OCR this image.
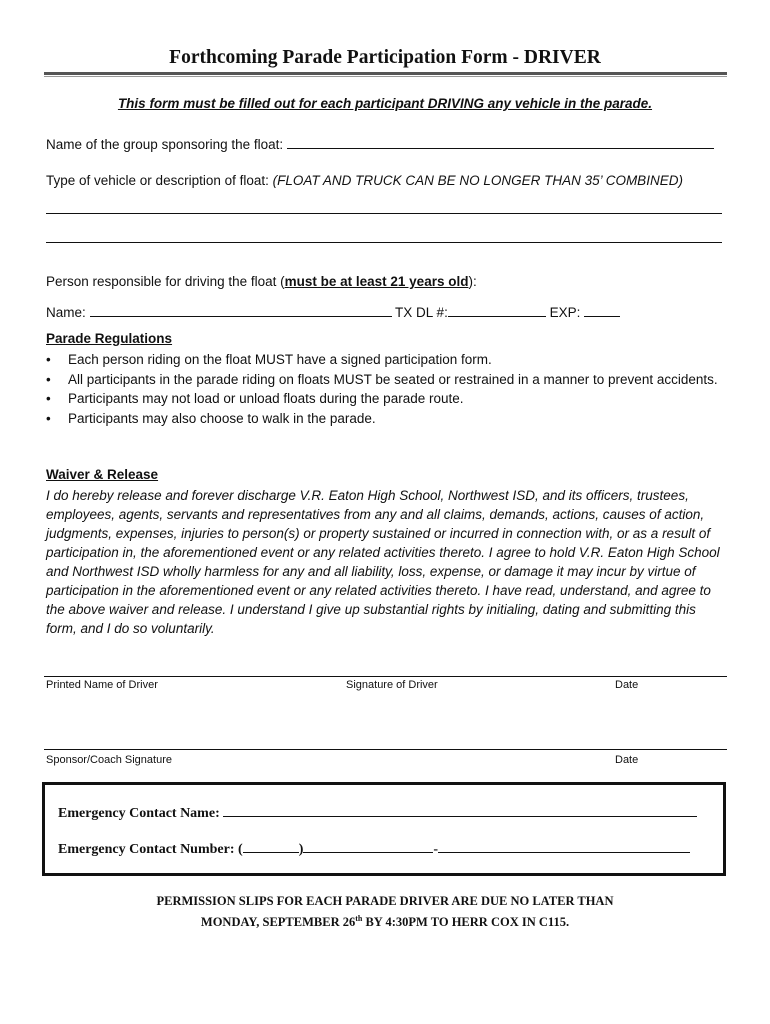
Forthcoming Parade Participation Form - DRIVER
This form must be filled out for each participant DRIVING any vehicle in the parade.
Name of the group sponsoring the float:
Type of vehicle or description of float: (FLOAT AND TRUCK CAN BE NO LONGER THAN 35’ COMBINED)
Person responsible for driving the float (must be at least 21 years old):
Name:	TX DL #:	EXP:
Parade Regulations
• Each person riding on the float MUST have a signed participation form.
• All participants in the parade riding on floats MUST be seated or restrained in a manner to prevent accidents.
• Participants may not load or unload floats during the parade route.
• Participants may also choose to walk in the parade.
Waiver & Release
I do hereby release and forever discharge V.R. Eaton High School, Northwest ISD, and its officers, trustees, employees, agents, servants and representatives from any and all claims, demands, actions, causes of action, judgments, expenses, injuries to person(s) or property sustained or incurred in connection with, or as a result of participation in, the aforementioned event or any related activities thereto. I agree to hold V.R. Eaton High School and Northwest ISD wholly harmless for any and all liability, loss, expense, or damage it may incur by virtue of participation in the aforementioned event or any related activities thereto. I have read, understand, and agree to the above waiver and release. I understand I give up substantial rights by initialing, dating and submitting this form, and I do so voluntarily.
Printed Name of Driver	Signature of Driver	Date
Sponsor/Coach Signature	Date
Emergency Contact Name:
Emergency Contact Number: (	)	-
PERMISSION SLIPS FOR EACH PARADE DRIVER ARE DUE NO LATER THAN
MONDAY, SEPTEMBER 26th BY 4:30PM TO HERR COX IN C115.
